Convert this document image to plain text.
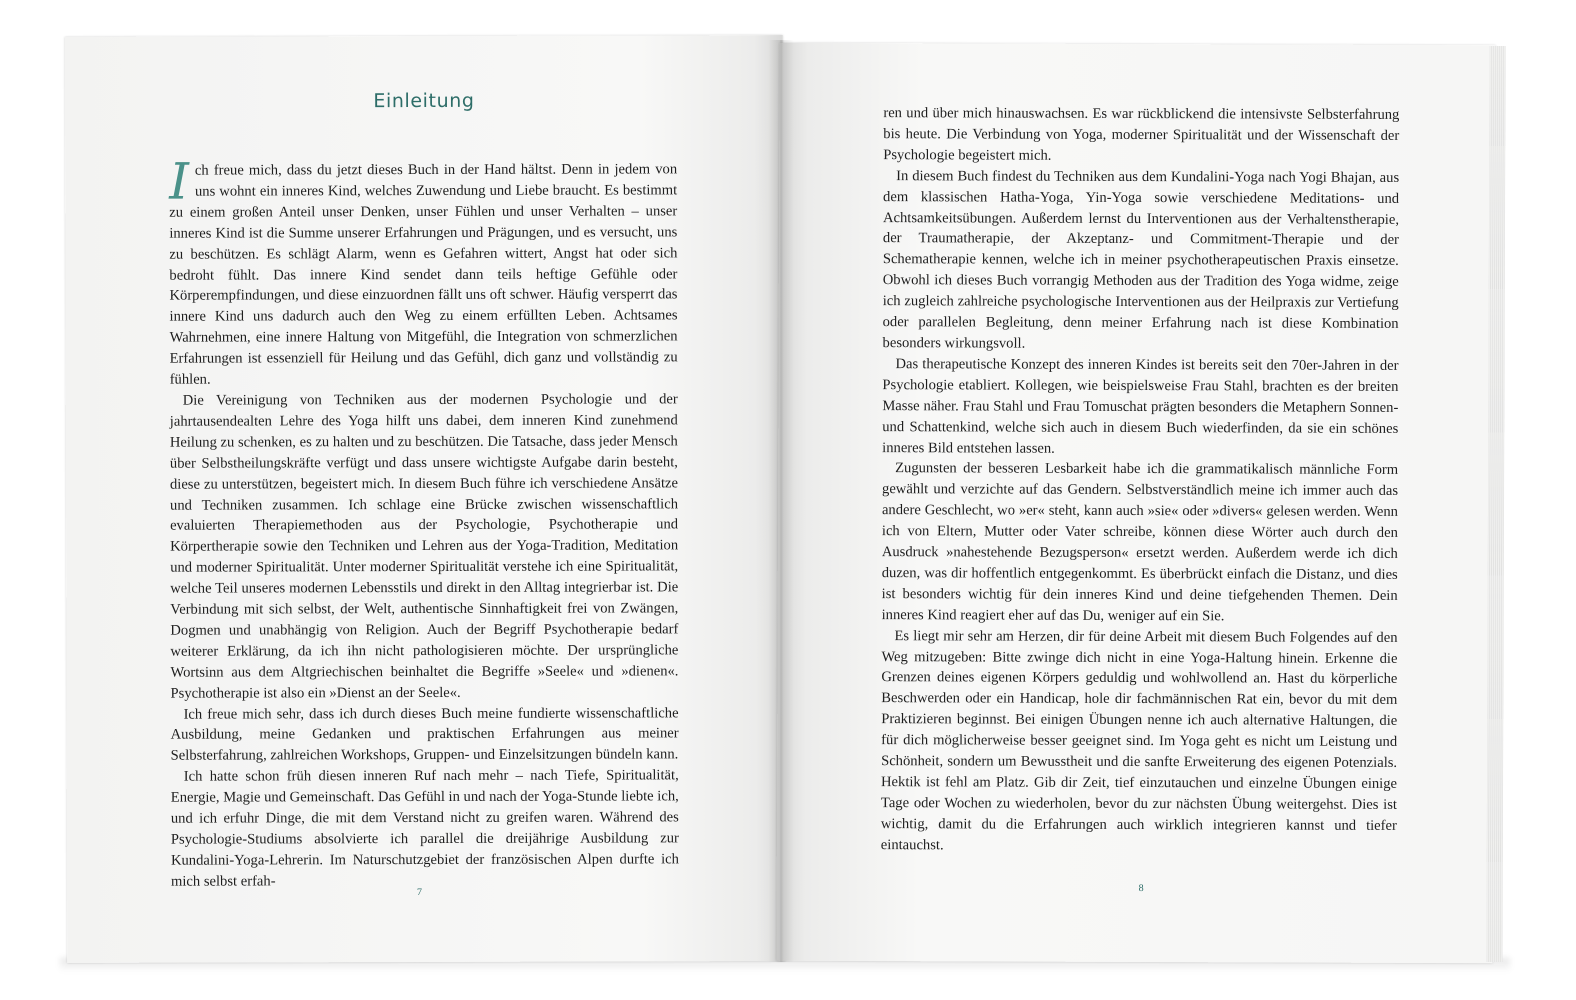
Einleitung

Ich freue mich, dass du jetzt dieses Buch in der Hand hältst. Denn in jedem von uns wohnt ein inneres Kind, welches Zuwendung und Liebe braucht. Es bestimmt zu einem großen Anteil unser Denken, unser Fühlen und unser Verhalten – unser inneres Kind ist die Summe unserer Erfahrungen und Prägungen, und es versucht, uns zu beschützen. Es schlägt Alarm, wenn es Gefahren wittert, Angst hat oder sich bedroht fühlt. Das innere Kind sendet dann teils heftige Gefühle oder Körperempfindungen, und diese einzuordnen fällt uns oft schwer. Häufig versperrt das innere Kind uns dadurch auch den Weg zu einem erfüllten Leben. Achtsames Wahrnehmen, eine innere Haltung von Mitgefühl, die Integration von schmerzlichen Erfahrungen ist essenziell für Heilung und das Gefühl, dich ganz und vollständig zu fühlen.

Die Vereinigung von Techniken aus der modernen Psychologie und der jahrtausendealten Lehre des Yoga hilft uns dabei, dem inneren Kind zunehmend Heilung zu schenken, es zu halten und zu beschützen. Die Tatsache, dass jeder Mensch über Selbstheilungskräfte verfügt und dass unsere wichtigste Aufgabe darin besteht, diese zu unterstützen, begeistert mich. In diesem Buch führe ich verschiedene Ansätze und Techniken zusammen. Ich schlage eine Brücke zwischen wissenschaftlich evaluierten Therapiemethoden aus der Psychologie, Psychotherapie und Körpertherapie sowie den Techniken und Lehren aus der Yoga-Tradition, Meditation und moderner Spiritualität. Unter moderner Spiritualität verstehe ich eine Spiritualität, welche Teil unseres modernen Lebensstils und direkt in den Alltag integrierbar ist. Die Verbindung mit sich selbst, der Welt, authentische Sinnhaftigkeit frei von Zwängen, Dogmen und unabhängig von Religion. Auch der Begriff Psychotherapie bedarf weiterer Erklärung, da ich ihn nicht pathologisieren möchte. Der ursprüngliche Wortsinn aus dem Altgriechischen beinhaltet die Begriffe »Seele« und »dienen«. Psychotherapie ist also ein »Dienst an der Seele«.

Ich freue mich sehr, dass ich durch dieses Buch meine fundierte wissenschaftliche Ausbildung, meine Gedanken und praktischen Erfahrungen aus meiner Selbsterfahrung, zahlreichen Workshops, Gruppen- und Einzelsitzungen bündeln kann.

Ich hatte schon früh diesen inneren Ruf nach mehr – nach Tiefe, Spiritualität, Energie, Magie und Gemeinschaft. Das Gefühl in und nach der Yoga-Stunde liebte ich, und ich erfuhr Dinge, die mit dem Verstand nicht zu greifen waren. Während des Psychologie-Studiums absolvierte ich parallel die dreijährige Ausbildung zur Kundalini-Yoga-Lehrerin. Im Naturschutzgebiet der französischen Alpen durfte ich mich selbst erfah-

7

ren und über mich hinauswachsen. Es war rückblickend die intensivste Selbsterfahrung bis heute. Die Verbindung von Yoga, moderner Spiritualität und der Wissenschaft der Psychologie begeistert mich.

In diesem Buch findest du Techniken aus dem Kundalini-Yoga nach Yogi Bhajan, aus dem klassischen Hatha-Yoga, Yin-Yoga sowie verschiedene Meditations- und Achtsamkeitsübungen. Außerdem lernst du Interventionen aus der Verhaltenstherapie, der Traumatherapie, der Akzeptanz- und Commitment-Therapie und der Schematherapie kennen, welche ich in meiner psychotherapeutischen Praxis einsetze. Obwohl ich dieses Buch vorrangig Methoden aus der Tradition des Yoga widme, zeige ich zugleich zahlreiche psychologische Interventionen aus der Heilpraxis zur Vertiefung oder parallelen Begleitung, denn meiner Erfahrung nach ist diese Kombination besonders wirkungsvoll.

Das therapeutische Konzept des inneren Kindes ist bereits seit den 70er-Jahren in der Psychologie etabliert. Kollegen, wie beispielsweise Frau Stahl, brachten es der breiten Masse näher. Frau Stahl und Frau Tomuschat prägten besonders die Metaphern Sonnen- und Schattenkind, welche sich auch in diesem Buch wiederfinden, da sie ein schönes inneres Bild entstehen lassen.

Zugunsten der besseren Lesbarkeit habe ich die grammatikalisch männliche Form gewählt und verzichte auf das Gendern. Selbstverständlich meine ich immer auch das andere Geschlecht, wo »er« steht, kann auch »sie« oder »divers« gelesen werden. Wenn ich von Eltern, Mutter oder Vater schreibe, können diese Wörter auch durch den Ausdruck »nahestehende Bezugsperson« ersetzt werden. Außerdem werde ich dich duzen, was dir hoffentlich entgegenkommt. Es überbrückt einfach die Distanz, und dies ist besonders wichtig für dein inneres Kind und deine tiefgehenden Themen. Dein inneres Kind reagiert eher auf das Du, weniger auf ein Sie.

Es liegt mir sehr am Herzen, dir für deine Arbeit mit diesem Buch Folgendes auf den Weg mitzugeben: Bitte zwinge dich nicht in eine Yoga-Haltung hinein. Erkenne die Grenzen deines eigenen Körpers geduldig und wohlwollend an. Hast du körperliche Beschwerden oder ein Handicap, hole dir fachmännischen Rat ein, bevor du mit dem Praktizieren beginnst. Bei einigen Übungen nenne ich auch alternative Haltungen, die für dich möglicherweise besser geeignet sind. Im Yoga geht es nicht um Leistung und Schönheit, sondern um Bewusstheit und die sanfte Erweiterung des eigenen Potenzials. Hektik ist fehl am Platz. Gib dir Zeit, tief einzutauchen und einzelne Übungen einige Tage oder Wochen zu wiederholen, bevor du zur nächsten Übung weitergehst. Dies ist wichtig, damit du die Erfahrungen auch wirklich integrieren kannst und tiefer eintauchst.

8
